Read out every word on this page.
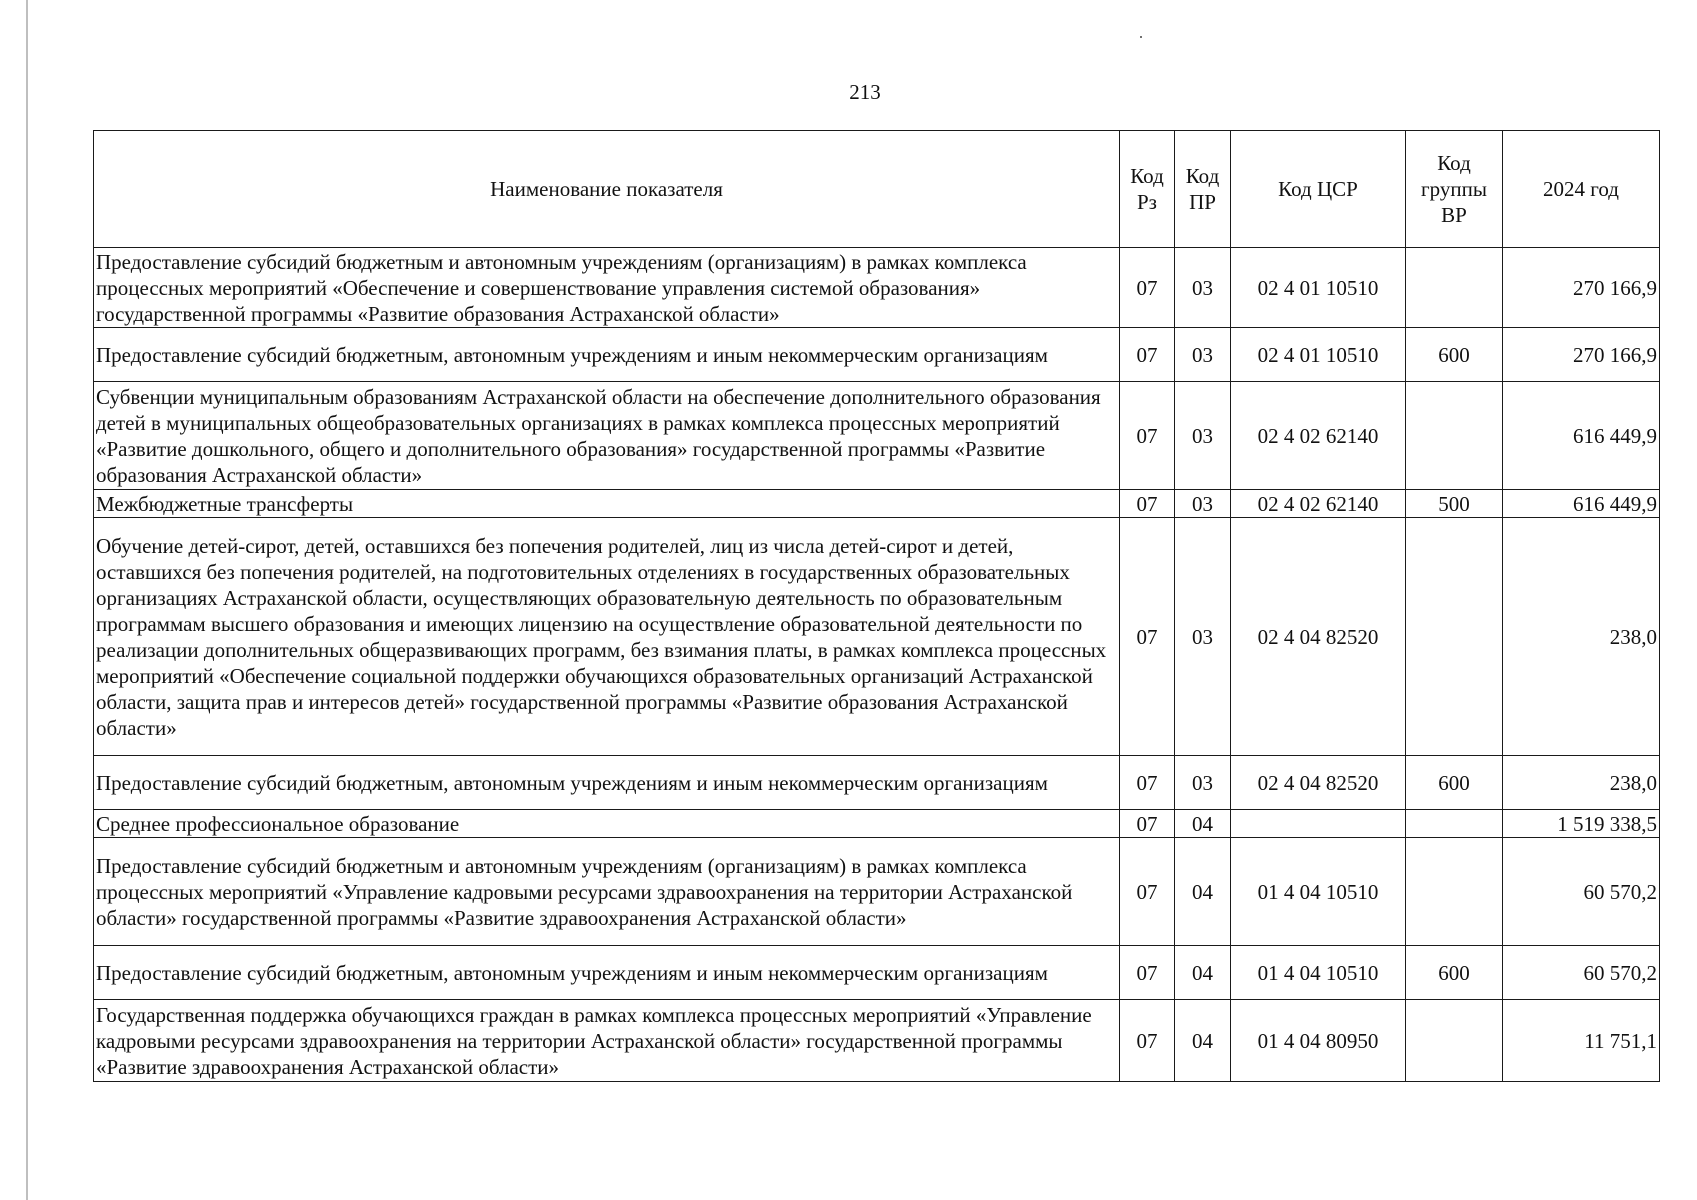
213
Наименование показателя	Код Рз	Код ПР	Код ЦСР	Код группы ВР	2024 год
Предоставление субсидий бюджетным и автономным учреждениям (организациям) в рамках комплекса процессных мероприятий «Обеспечение и совершенствование управления системой образования» государственной программы «Развитие образования Астраханской области»	07	03	02 4 01 10510		270 166,9
Предоставление субсидий бюджетным, автономным учреждениям и иным некоммерческим организациям	07	03	02 4 01 10510	600	270 166,9
Субвенции муниципальным образованиям Астраханской области на обеспечение дополнительного образования детей в муниципальных общеобразовательных организациях в рамках комплекса процессных мероприятий «Развитие дошкольного, общего и дополнительного образования» государственной программы «Развитие образования Астраханской области»	07	03	02 4 02 62140		616 449,9
Межбюджетные трансферты	07	03	02 4 02 62140	500	616 449,9
Обучение детей-сирот, детей, оставшихся без попечения родителей, лиц из числа детей-сирот и детей, оставшихся без попечения родителей, на подготовительных отделениях в государственных образовательных организациях Астраханской области, осуществляющих образовательную деятельность по образовательным программам высшего образования и имеющих лицензию на осуществление образовательной деятельности по реализации дополнительных общеразвивающих программ, без взимания платы, в рамках комплекса процессных мероприятий «Обеспечение социальной поддержки обучающихся образовательных организаций Астраханской области, защита прав и интересов детей» государственной программы «Развитие образования Астраханской области»	07	03	02 4 04 82520		238,0
Предоставление субсидий бюджетным, автономным учреждениям и иным некоммерческим организациям	07	03	02 4 04 82520	600	238,0
Среднее профессиональное образование	07	04			1 519 338,5
Предоставление субсидий бюджетным и автономным учреждениям (организациям) в рамках комплекса процессных мероприятий «Управление кадровыми ресурсами здравоохранения на территории Астраханской области» государственной программы «Развитие здравоохранения Астраханской области»	07	04	01 4 04 10510		60 570,2
Предоставление субсидий бюджетным, автономным учреждениям и иным некоммерческим организациям	07	04	01 4 04 10510	600	60 570,2
Государственная поддержка обучающихся граждан в рамках комплекса процессных мероприятий «Управление кадровыми ресурсами здравоохранения на территории Астраханской области» государственной программы «Развитие здравоохранения Астраханской области»	07	04	01 4 04 80950		11 751,1
